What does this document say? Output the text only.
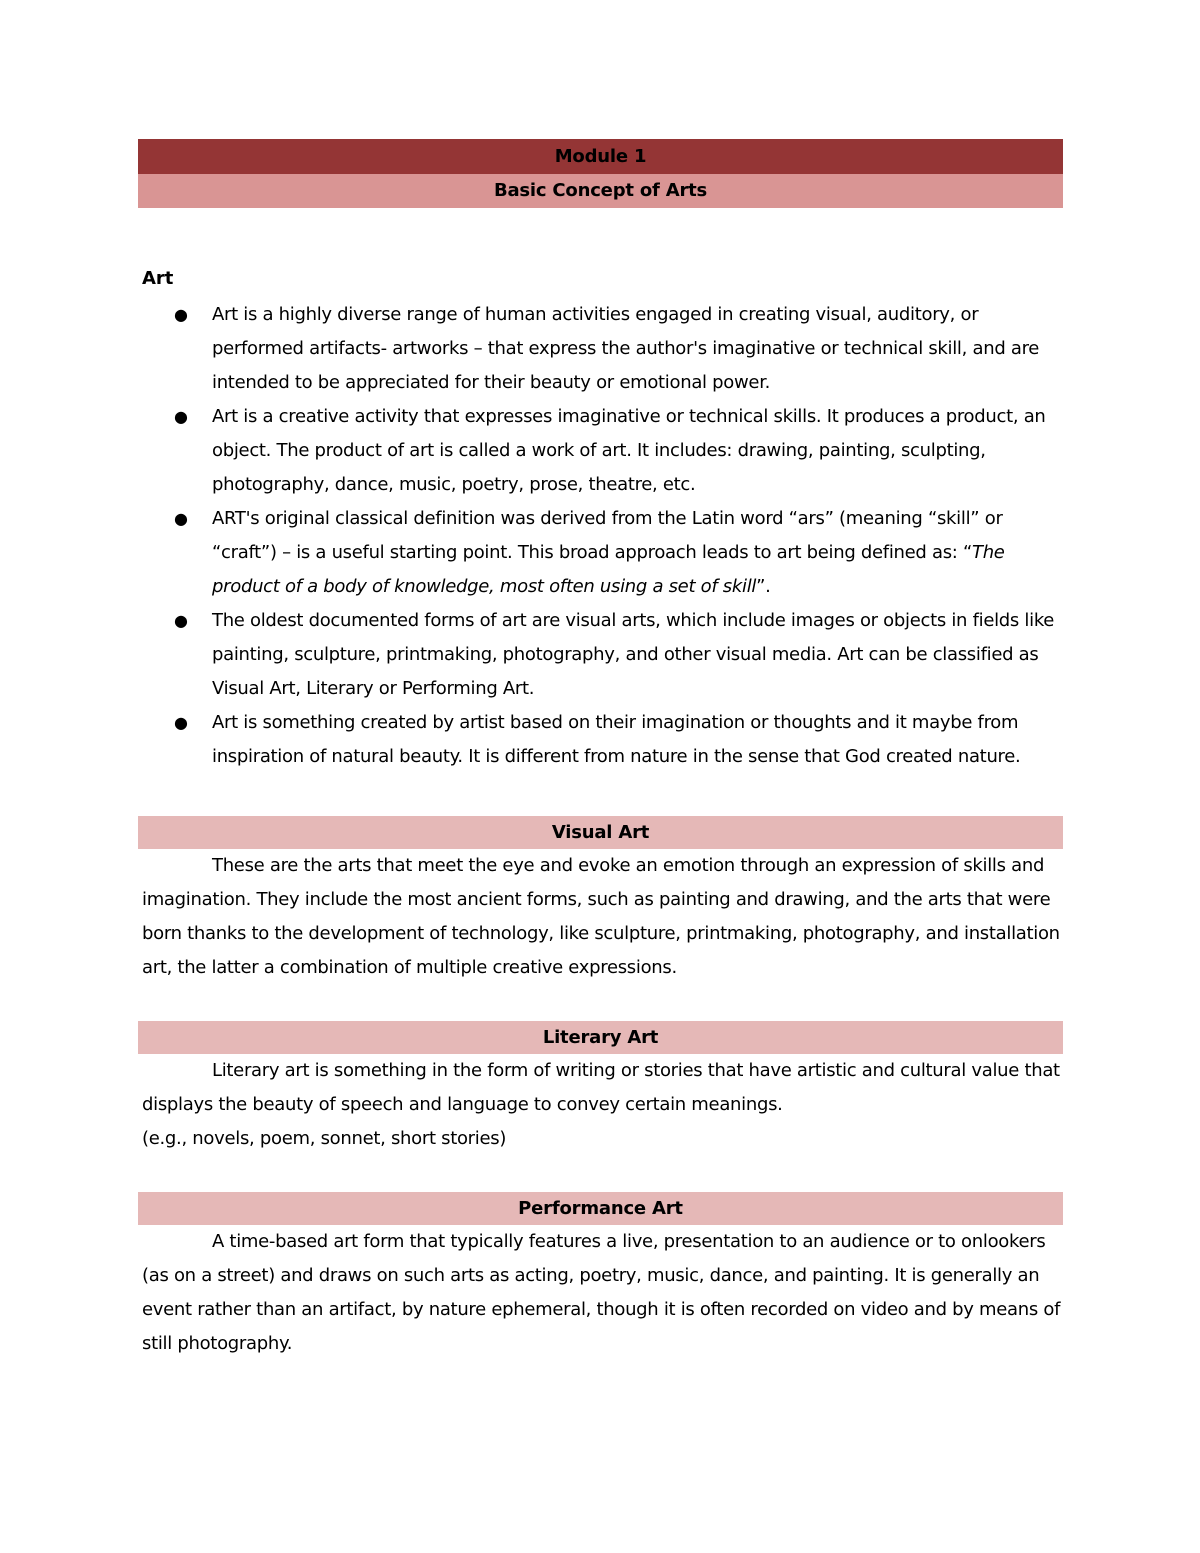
Module 1
Basic Concept of Arts
Art
● Art is a highly diverse range of human activities engaged in creating visual, auditory, or performed artifacts- artworks – that express the author's imaginative or technical skill, and are intended to be appreciated for their beauty or emotional power.
● Art is a creative activity that expresses imaginative or technical skills. It produces a product, an object. The product of art is called a work of art. It includes: drawing, painting, sculpting, photography, dance, music, poetry, prose, theatre, etc.
● ART's original classical definition was derived from the Latin word “ars” (meaning “skill” or “craft”) – is a useful starting point. This broad approach leads to art being defined as: “The product of a body of knowledge, most often using a set of skill”.
● The oldest documented forms of art are visual arts, which include images or objects in fields like painting, sculpture, printmaking, photography, and other visual media. Art can be classified as Visual Art, Literary or Performing Art.
● Art is something created by artist based on their imagination or thoughts and it maybe from inspiration of natural beauty. It is different from nature in the sense that God created nature.
Visual Art

These are the arts that meet the eye and evoke an emotion through an expression of skills and imagination. They include the most ancient forms, such as painting and drawing, and the arts that were born thanks to the development of technology, like sculpture, printmaking, photography, and installation art, the latter a combination of multiple creative expressions.

Literary Art

Literary art is something in the form of writing or stories that have artistic and cultural value that displays the beauty of speech and language to convey certain meanings.

(e.g., novels, poem, sonnet, short stories)

Performance Art

A time-based art form that typically features a live, presentation to an audience or to onlookers (as on a street) and draws on such arts as acting, poetry, music, dance, and painting. It is generally an event rather than an artifact, by nature ephemeral, though it is often recorded on video and by means of still photography.
